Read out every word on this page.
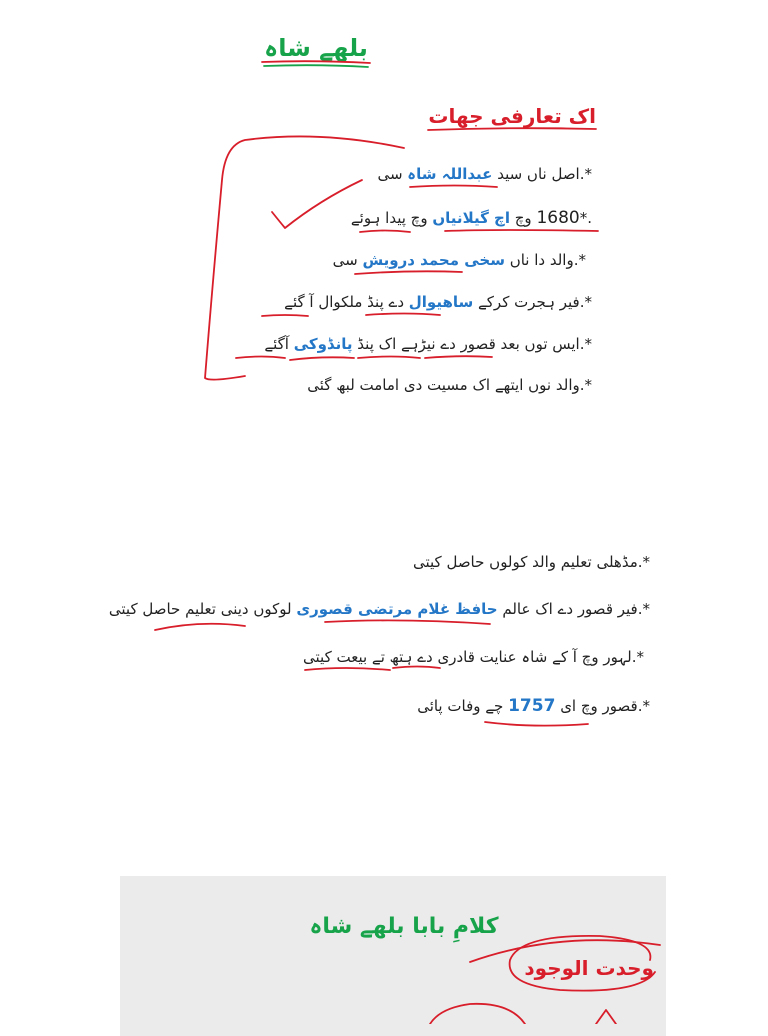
بلھے شاہ
اک تعارفی جھات
*.اصل ناں سید عبداللہ شاہ سی
*.1680 وچ اچ گیلانیاں وچ پیدا ہوئے
*.والد دا ناں سخی محمد درویش سی
*.فیر ہجرت کرکے ساھیوال دے پنڈ ملکوال آ گئے
*.ایس توں بعد قصور دے نیڑہے اک پنڈ پانڈوکی آگئے
*.والد نوں ایتھے اک مسیت دی امامت لبھ گئی
*.مڈھلی تعلیم والد کولوں حاصل کیتی
*.فیر قصور دے اک عالم حافظ غلام مرتضی قصوری لوکوں دینی تعلیم حاصل کیتی
*.لہور وچ آ کے شاہ عنایت قادری دے ہتھ تے بیعت کیتی
*.قصور وچ ای 1757 چے وفات پائی
کلامِ بابا بلھے شاہ
وحدت الوجود
